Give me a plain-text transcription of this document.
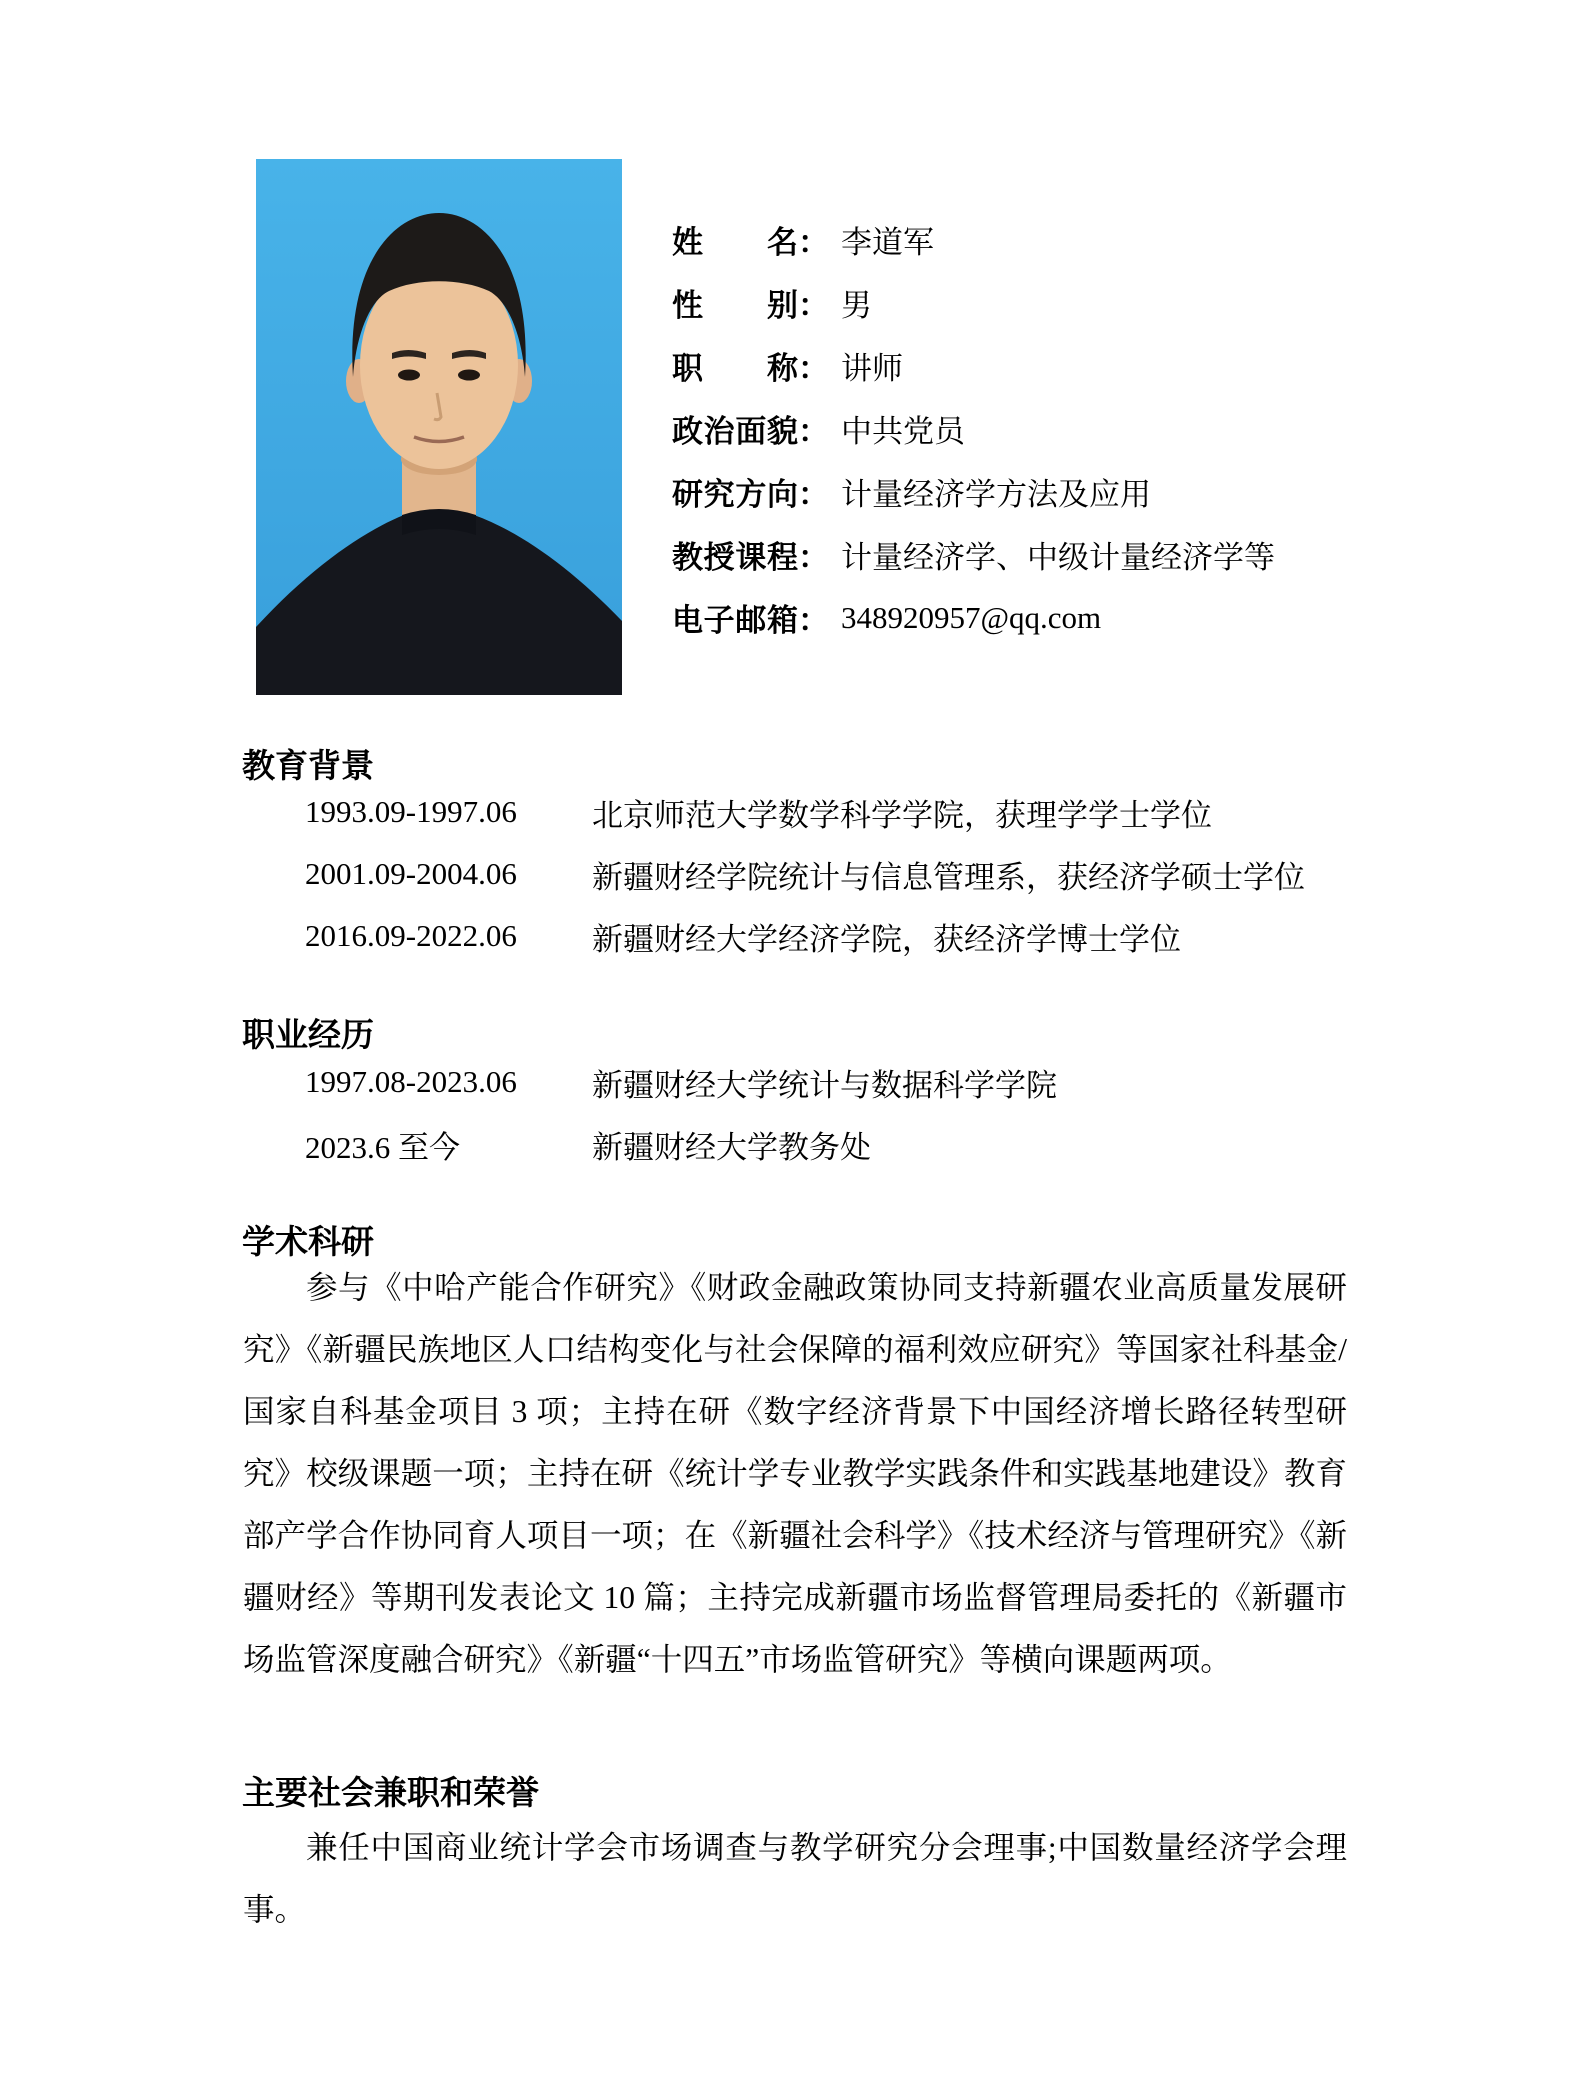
姓名 ： 李道军
性别 ： 男
职称 ： 讲师
政治面貌 ： 中共党员
研究方向 ： 计量经济学方法及应用
教授课程 ： 计量经济学、中级计量经济学等
电子邮箱 ： 348920957@qq.com
教育背景
1993.09-1997.06	北京师范大学数学科学学院，获理学学士学位
2001.09-2004.06	新疆财经学院统计与信息管理系，获经济学硕士学位
2016.09-2022.06	新疆财经大学经济学院，获经济学博士学位
职业经历
1997.08-2023.06	新疆财经大学统计与数据科学学院
2023.6 至今	新疆财经大学教务处
学术科研

参与《中哈产能合作研究》《财政金融政策协同支持新疆农业高质量发展研究》《新疆民族地区人口结构变化与社会保障的福利效应研究》等国家社科基金/国家自科基金项目 3 项；主持在研《数字经济背景下中国经济增长路径转型研究》校级课题一项；主持在研《统计学专业教学实践条件和实践基地建设》教育部产学合作协同育人项目一项；在《新疆社会科学》《技术经济与管理研究》《新疆财经》等期刊发表论文 10 篇；主持完成新疆市场监督管理局委托的《新疆市场监管深度融合研究》《新疆“十四五”市场监管研究》等横向课题两项。

主要社会兼职和荣誉

兼任中国商业统计学会市场调查与教学研究分会理事;中国数量经济学会理事。
